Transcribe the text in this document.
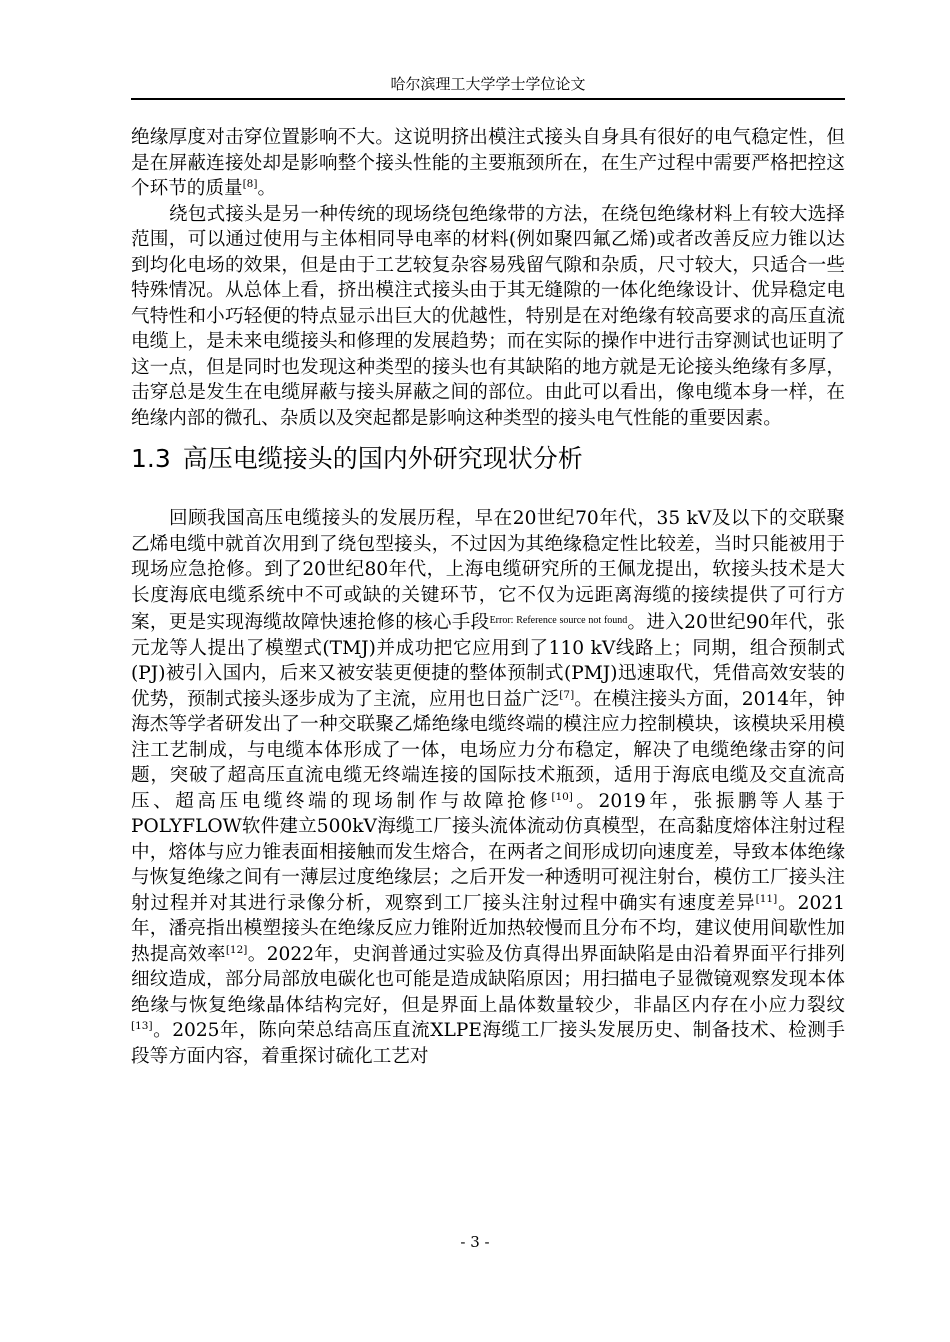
哈尔滨理工大学学士学位论文

绝缘厚度对击穿位置影响不大。这说明挤出模注式接头自身具有很好的电气稳定性，但是在屏蔽连接处却是影响整个接头性能的主要瓶颈所在，在生产过程中需要严格把控这个环节的质量[8]。

绕包式接头是另一种传统的现场绕包绝缘带的方法，在绕包绝缘材料上有较大选择范围，可以通过使用与主体相同导电率的材料(例如聚四氟乙烯)或者改善反应力锥以达到均化电场的效果，但是由于工艺较复杂容易残留气隙和杂质，尺寸较大，只适合一些特殊情况。从总体上看，挤出模注式接头由于其无缝隙的一体化绝缘设计、优异稳定电气特性和小巧轻便的特点显示出巨大的优越性，特别是在对绝缘有较高要求的高压直流电缆上，是未来电缆接头和修理的发展趋势；而在实际的操作中进行击穿测试也证明了这一点，但是同时也发现这种类型的接头也有其缺陷的地方就是无论接头绝缘有多厚，击穿总是发生在电缆屏蔽与接头屏蔽之间的部位。由此可以看出，像电缆本身一样，在绝缘内部的微孔、杂质以及突起都是影响这种类型的接头电气性能的重要因素。

1.3 高压电缆接头的国内外研究现状分析

回顾我国高压电缆接头的发展历程，早在20世纪70年代，35 kV及以下的交联聚乙烯电缆中就首次用到了绕包型接头，不过因为其绝缘稳定性比较差，当时只能被用于现场应急抢修。到了20世纪80年代，上海电缆研究所的王佩龙提出，软接头技术是大长度海底电缆系统中不可或缺的关键环节，它不仅为远距离海缆的接续提供了可行方案，更是实现海缆故障快速抢修的核心手段$^{Error: Reference source not found}$。进入20世纪90年代，张元龙等人提出了模塑式(TMJ)并成功把它应用到了110 kV线路上；同期，组合预制式(PJ)被引入国内，后来又被安装更便捷的整体预制式(PMJ)迅速取代，凭借高效安装的优势，预制式接头逐步成为了主流，应用也日益广泛[7]。在模注接头方面，2014年，钟海杰等学者研发出了一种交联聚乙烯绝缘电缆终端的模注应力控制模块，该模块采用模注工艺制成，与电缆本体形成了一体，电场应力分布稳定，解决了电缆绝缘击穿的问题，突破了超高压直流电缆无终端连接的国际技术瓶颈，适用于海底电缆及交直流高压、超高压电缆终端的现场制作与故障抢修[10]。2019年，张振鹏等人基于POLYFLOW软件建立500kV海缆工厂接头流体流动仿真模型，在高黏度熔体注射过程中，熔体与应力锥表面相接触而发生熔合，在两者之间形成切向速度差，导致本体绝缘与恢复绝缘之间有一薄层过度绝缘层；之后开发一种透明可视注射台，模仿工厂接头注射过程并对其进行录像分析，观察到工厂接头注射过程中确实有速度差异[11]。2021年，潘亮指出模塑接头在绝缘反应力锥附近加热较慢而且分布不均，建议使用间歇性加热提高效率[12]。2022年，史润普通过实验及仿真得出界面缺陷是由沿着界面平行排列细纹造成，部分局部放电碳化也可能是造成缺陷原因；用扫描电子显微镜观察发现本体绝缘与恢复绝缘晶体结构完好，但是界面上晶体数量较少，非晶区内存在小应力裂纹[13]。2025年，陈向荣总结高压直流XLPE海缆工厂接头发展历史、制备技术、检测手段等方面内容，着重探讨硫化工艺对

- 3 -
